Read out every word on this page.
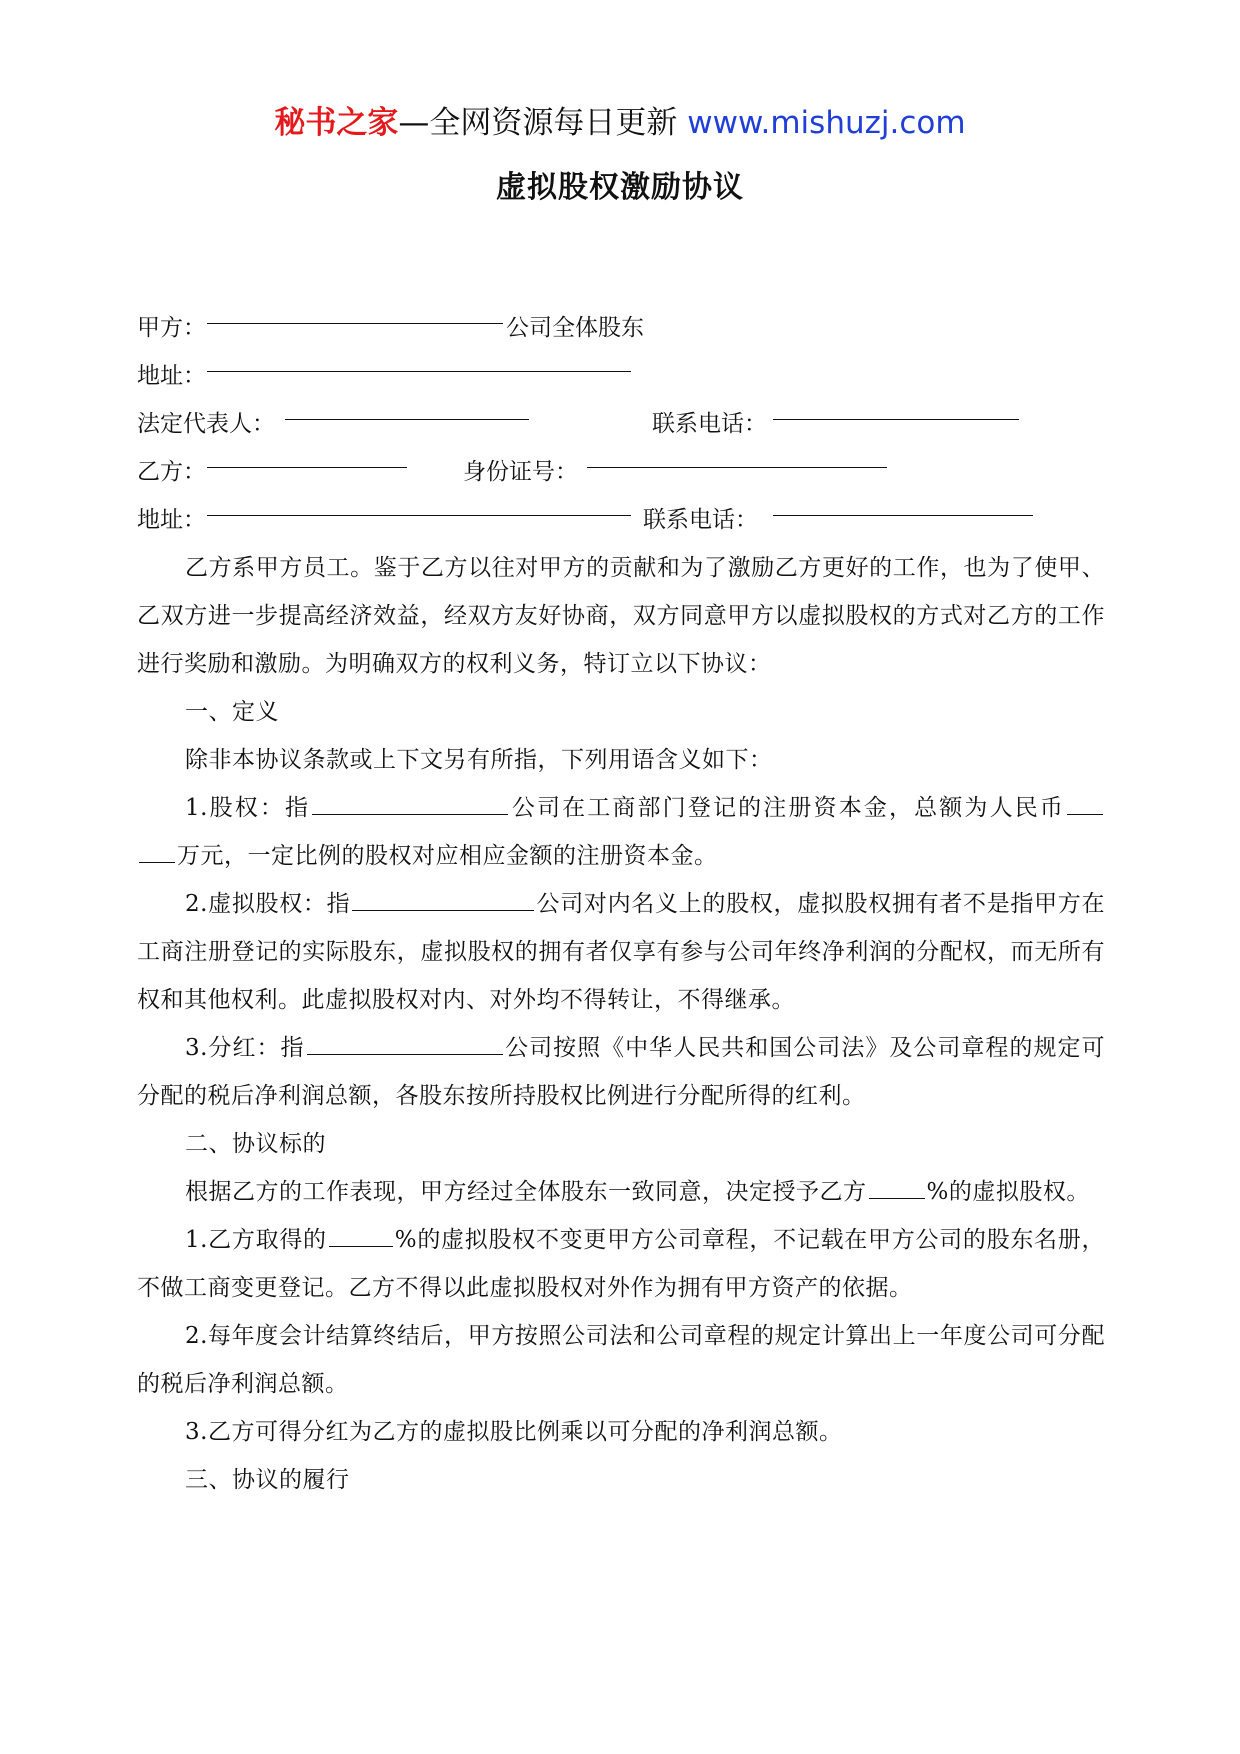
秘书之家—全网资源每日更新 www.mishuzj.com
虚拟股权激励协议
甲方：	公司全体股东
地址：
法定代表人：	联系电话：
乙方：	身份证号：
地址：	联系电话：

乙方系甲方员工。鉴于乙方以往对甲方的贡献和为了激励乙方更好的工作，也为了使甲、乙双方进一步提高经济效益，经双方友好协商，双方同意甲方以虚拟股权的方式对乙方的工作进行奖励和激励。为明确双方的权利义务，特订立以下协议：

一、定义

除非本协议条款或上下文另有所指，下列用语含义如下：

1.股权：指	公司在工商部门登记的注册资本金，总额为人民币 万元，一定比例的股权对应相应金额的注册资本金。

2.虚拟股权：指	公司对内名义上的股权，虚拟股权拥有者不是指甲方在工商注册登记的实际股东，虚拟股权的拥有者仅享有参与公司年终净利润的分配权，而无所有权和其他权利。此虚拟股权对内、对外均不得转让，不得继承。

3.分红：指	公司按照《中华人民共和国公司法》及公司章程的规定可分配的税后净利润总额，各股东按所持股权比例进行分配所得的红利。

二、协议标的

根据乙方的工作表现，甲方经过全体股东一致同意，决定授予乙方	%的虚拟股权。

1.乙方取得的	%的虚拟股权不变更甲方公司章程，不记载在甲方公司的股东名册，不做工商变更登记。乙方不得以此虚拟股权对外作为拥有甲方资产的依据。

2.每年度会计结算终结后，甲方按照公司法和公司章程的规定计算出上一年度公司可分配的税后净利润总额。

3.乙方可得分红为乙方的虚拟股比例乘以可分配的净利润总额。

三、协议的履行
